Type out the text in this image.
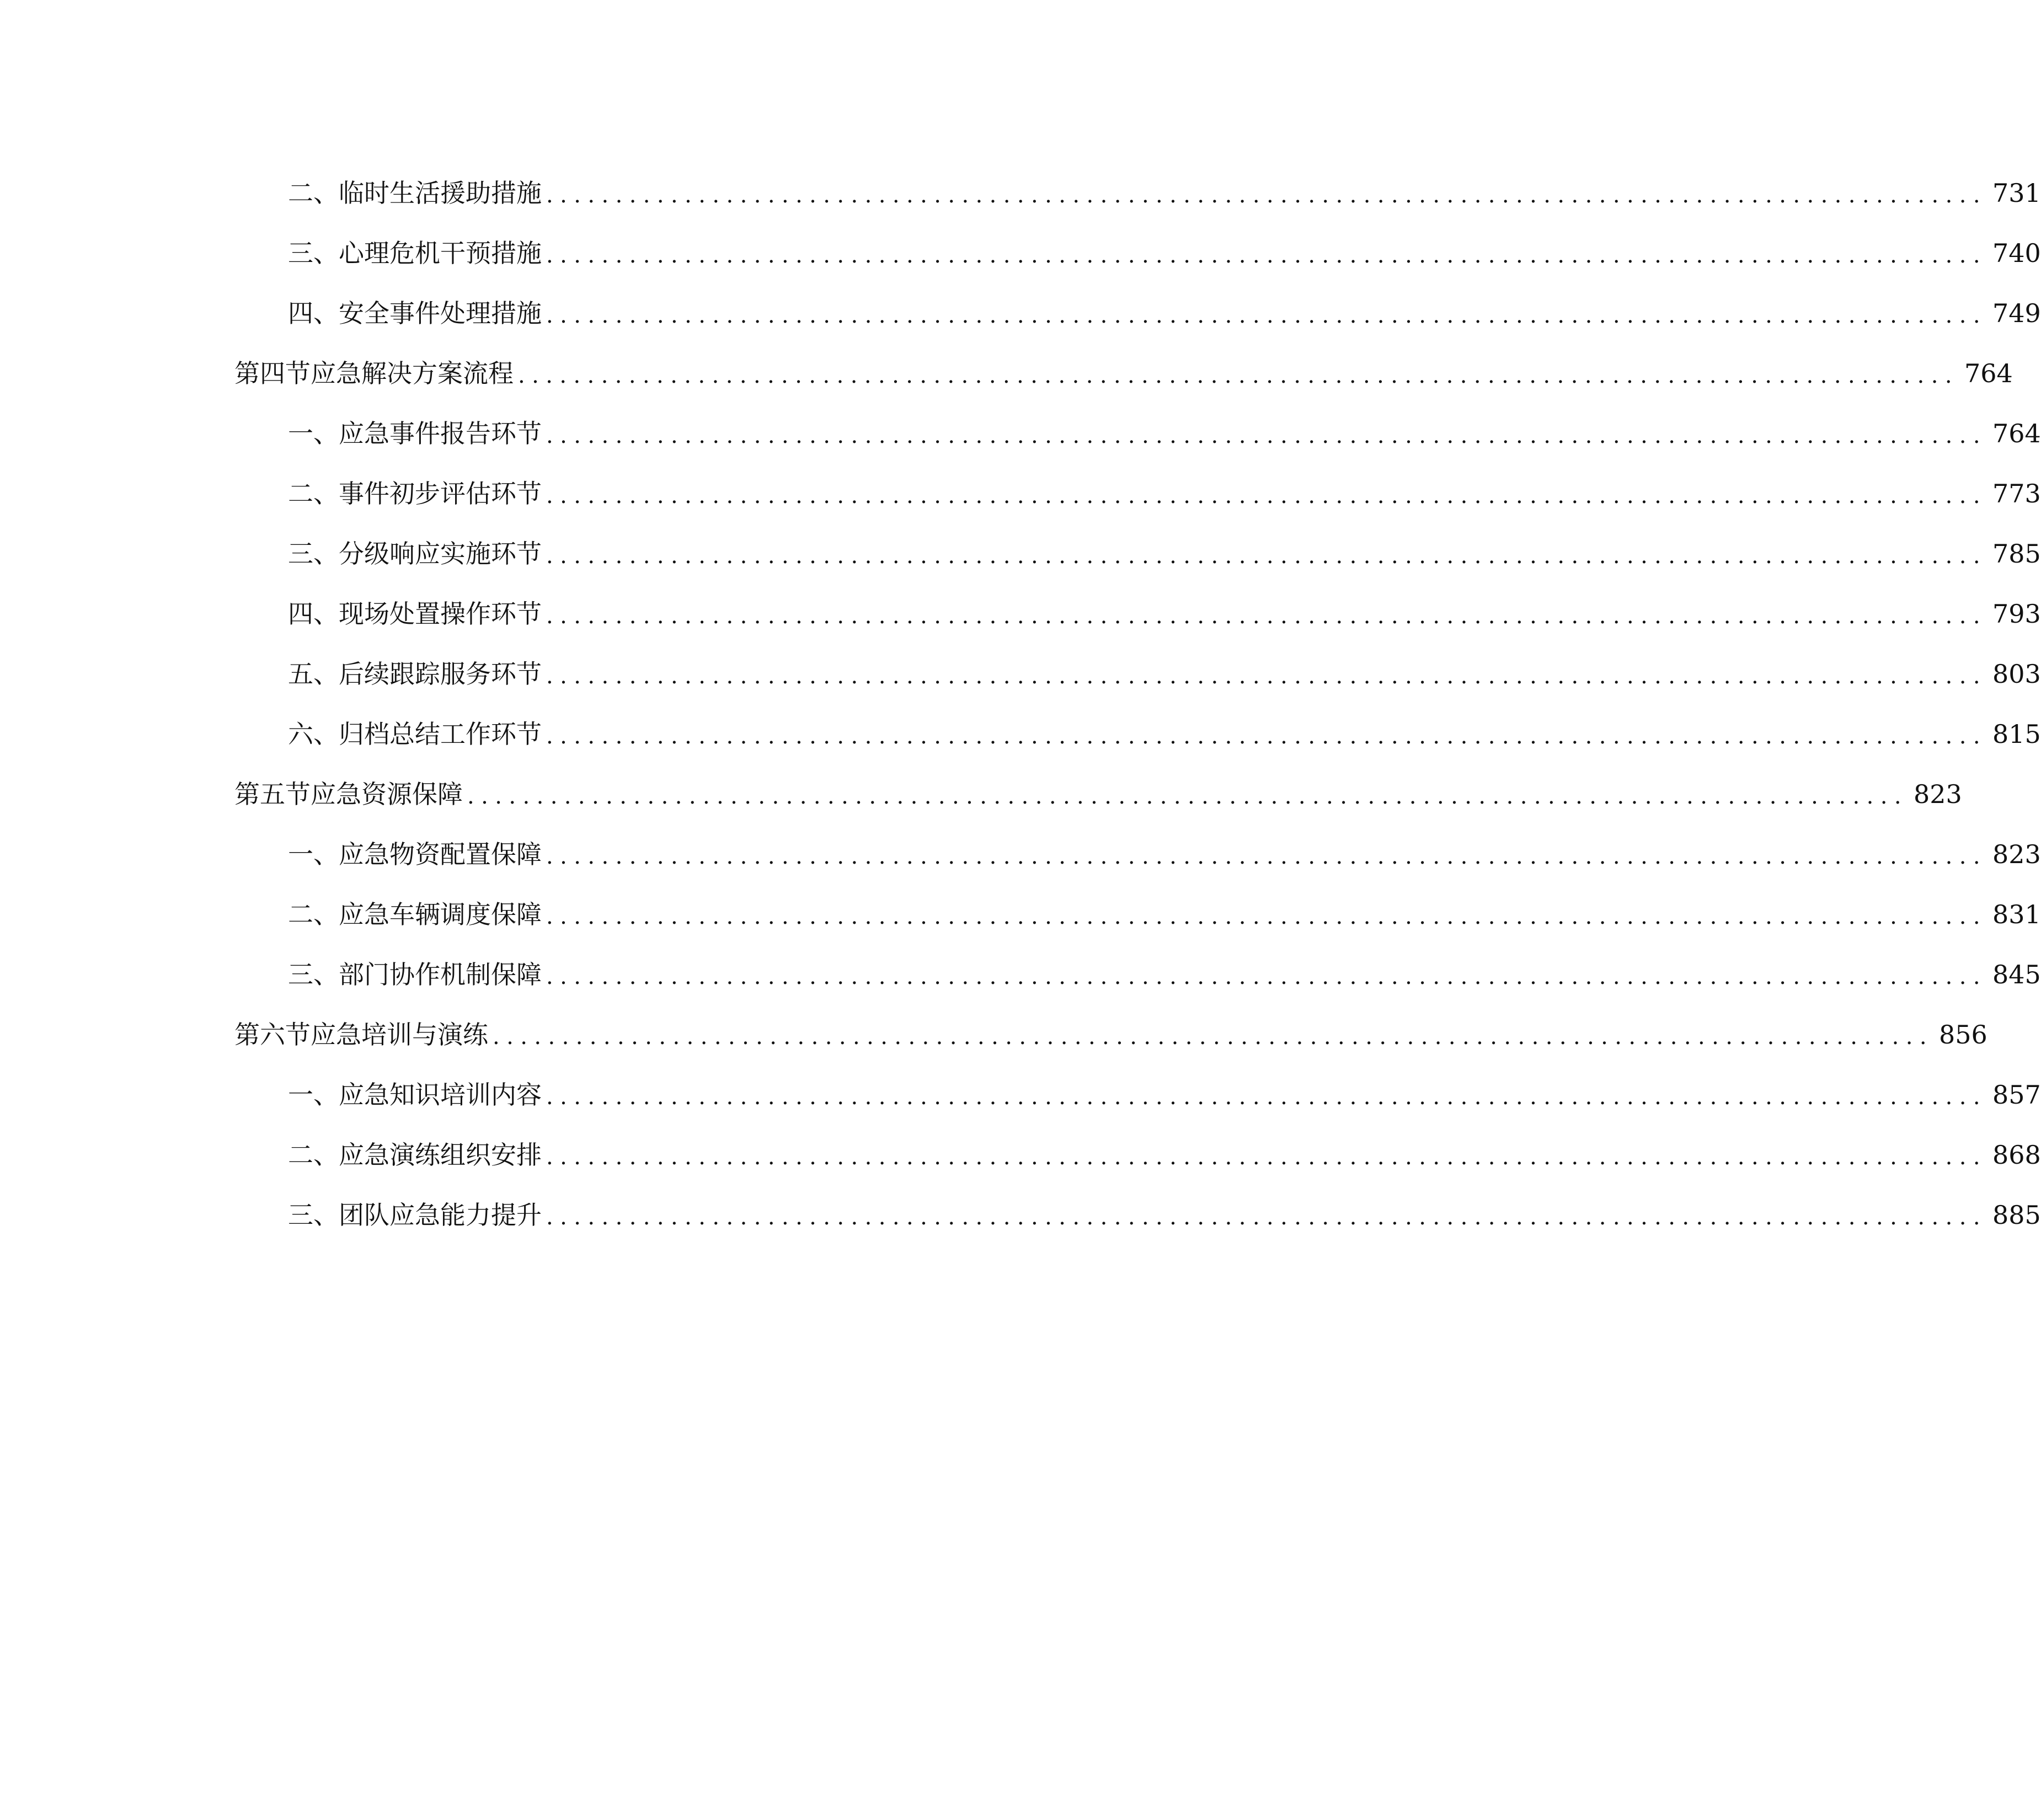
二、 临时生活援助措施 ........................................................................................................ 731
三、 心理危机干预措施 ........................................................................................................ 740
四、 安全事件处理措施 ........................................................................................................ 749
第四节 应急解决方案流程 ........................................................................................................ 764
一、 应急事件报告环节 ........................................................................................................ 764
二、 事件初步评估环节 ........................................................................................................ 773
三、 分级响应实施环节 ........................................................................................................ 785
四、 现场处置操作环节 ........................................................................................................ 793
五、 后续跟踪服务环节 ........................................................................................................ 803
六、 归档总结工作环节 ........................................................................................................ 815
第五节 应急资源保障 ........................................................................................................ 823
一、 应急物资配置保障 ........................................................................................................ 823
二、 应急车辆调度保障 ........................................................................................................ 831
三、 部门协作机制保障 ........................................................................................................ 845
第六节 应急培训与演练 ........................................................................................................ 856
一、 应急知识培训内容 ........................................................................................................ 857
二、 应急演练组织安排 ........................................................................................................ 868
三、 团队应急能力提升 ........................................................................................................ 885
